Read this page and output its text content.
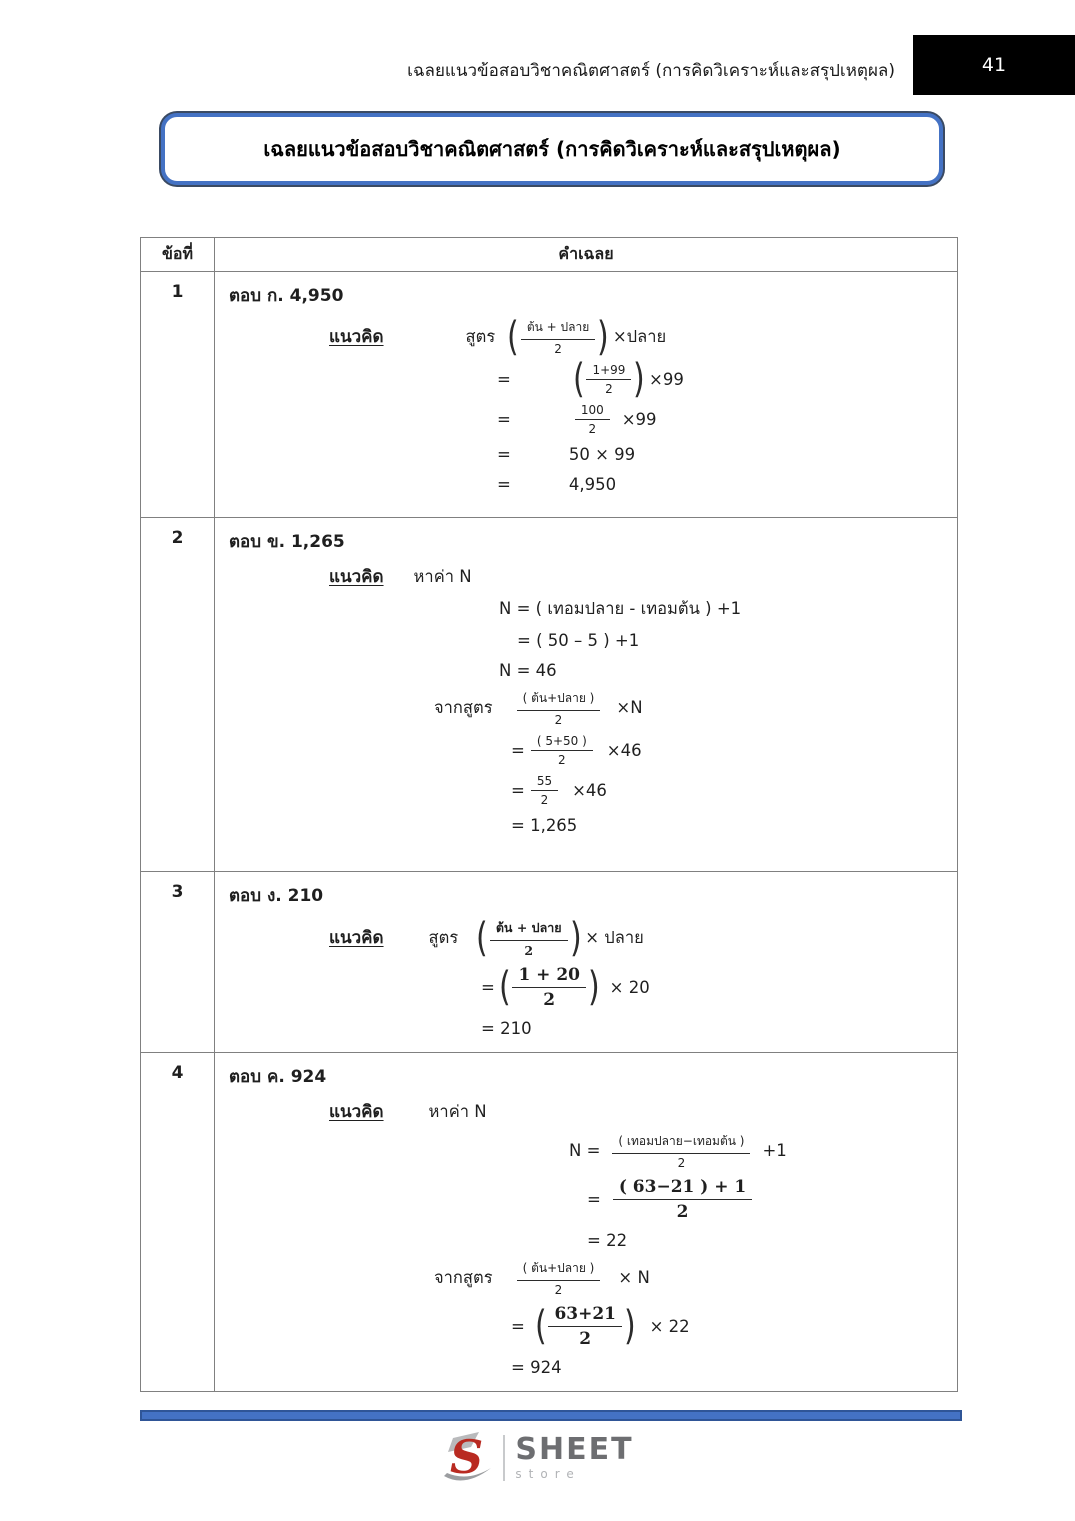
เฉลยแนวข้อสอบวิชาคณิตศาสตร์ (การคิดวิเคราะห์และสรุปเหตุผล)	41
เฉลยแนวข้อสอบวิชาคณิตศาสตร์ (การคิดวิเคราะห์และสรุปเหตุผล)
ข้อที่	คำเฉลย
1	ตอบ ก. 4,950
แนวคิด	สูตร ( $\frac{\text{ต้น + ปลาย}}{2}$ ) ×ปลาย
= ( $\frac{1+99}{2}$ ) ×99
=	$\frac{100}{2} \times 99$
=	50 × 99
=	4,950
2	ตอบ ข. 1,265
แนวคิด หาค่า N
N = ( เทอมปลาย - เทอมต้น ) +1
= ( 50 – 5 ) +1
N = 46
จากสูตร $\frac{\text{( ต้น+ปลาย )}}{2} \times N$
= $\frac{( 5+50 )}{2} \times 46$
= $\frac{55}{2} \times 46$
= 1,265
3	ตอบ ง. 210
แนวคิด	สูตร ( $\frac{\text{ต้น + ปลาย}}{2}$ ) × ปลาย
= ( $\frac{1 + 20}{2}$ ) × 20
= 210
4	ตอบ ค. 924
แนวคิด	หาค่า N
$N = \frac{\text{( เทอมปลาย−เทอมต้น )}}{2} +1$
= $\frac{( 63-21 ) + 1}{2}$
= 22
จากสูตร $\frac{\text{( ต้น+ปลาย )}}{2} \times N$
= ( $\frac{63+21}{2}$ ) × 22
= 924
S SHEET
store
